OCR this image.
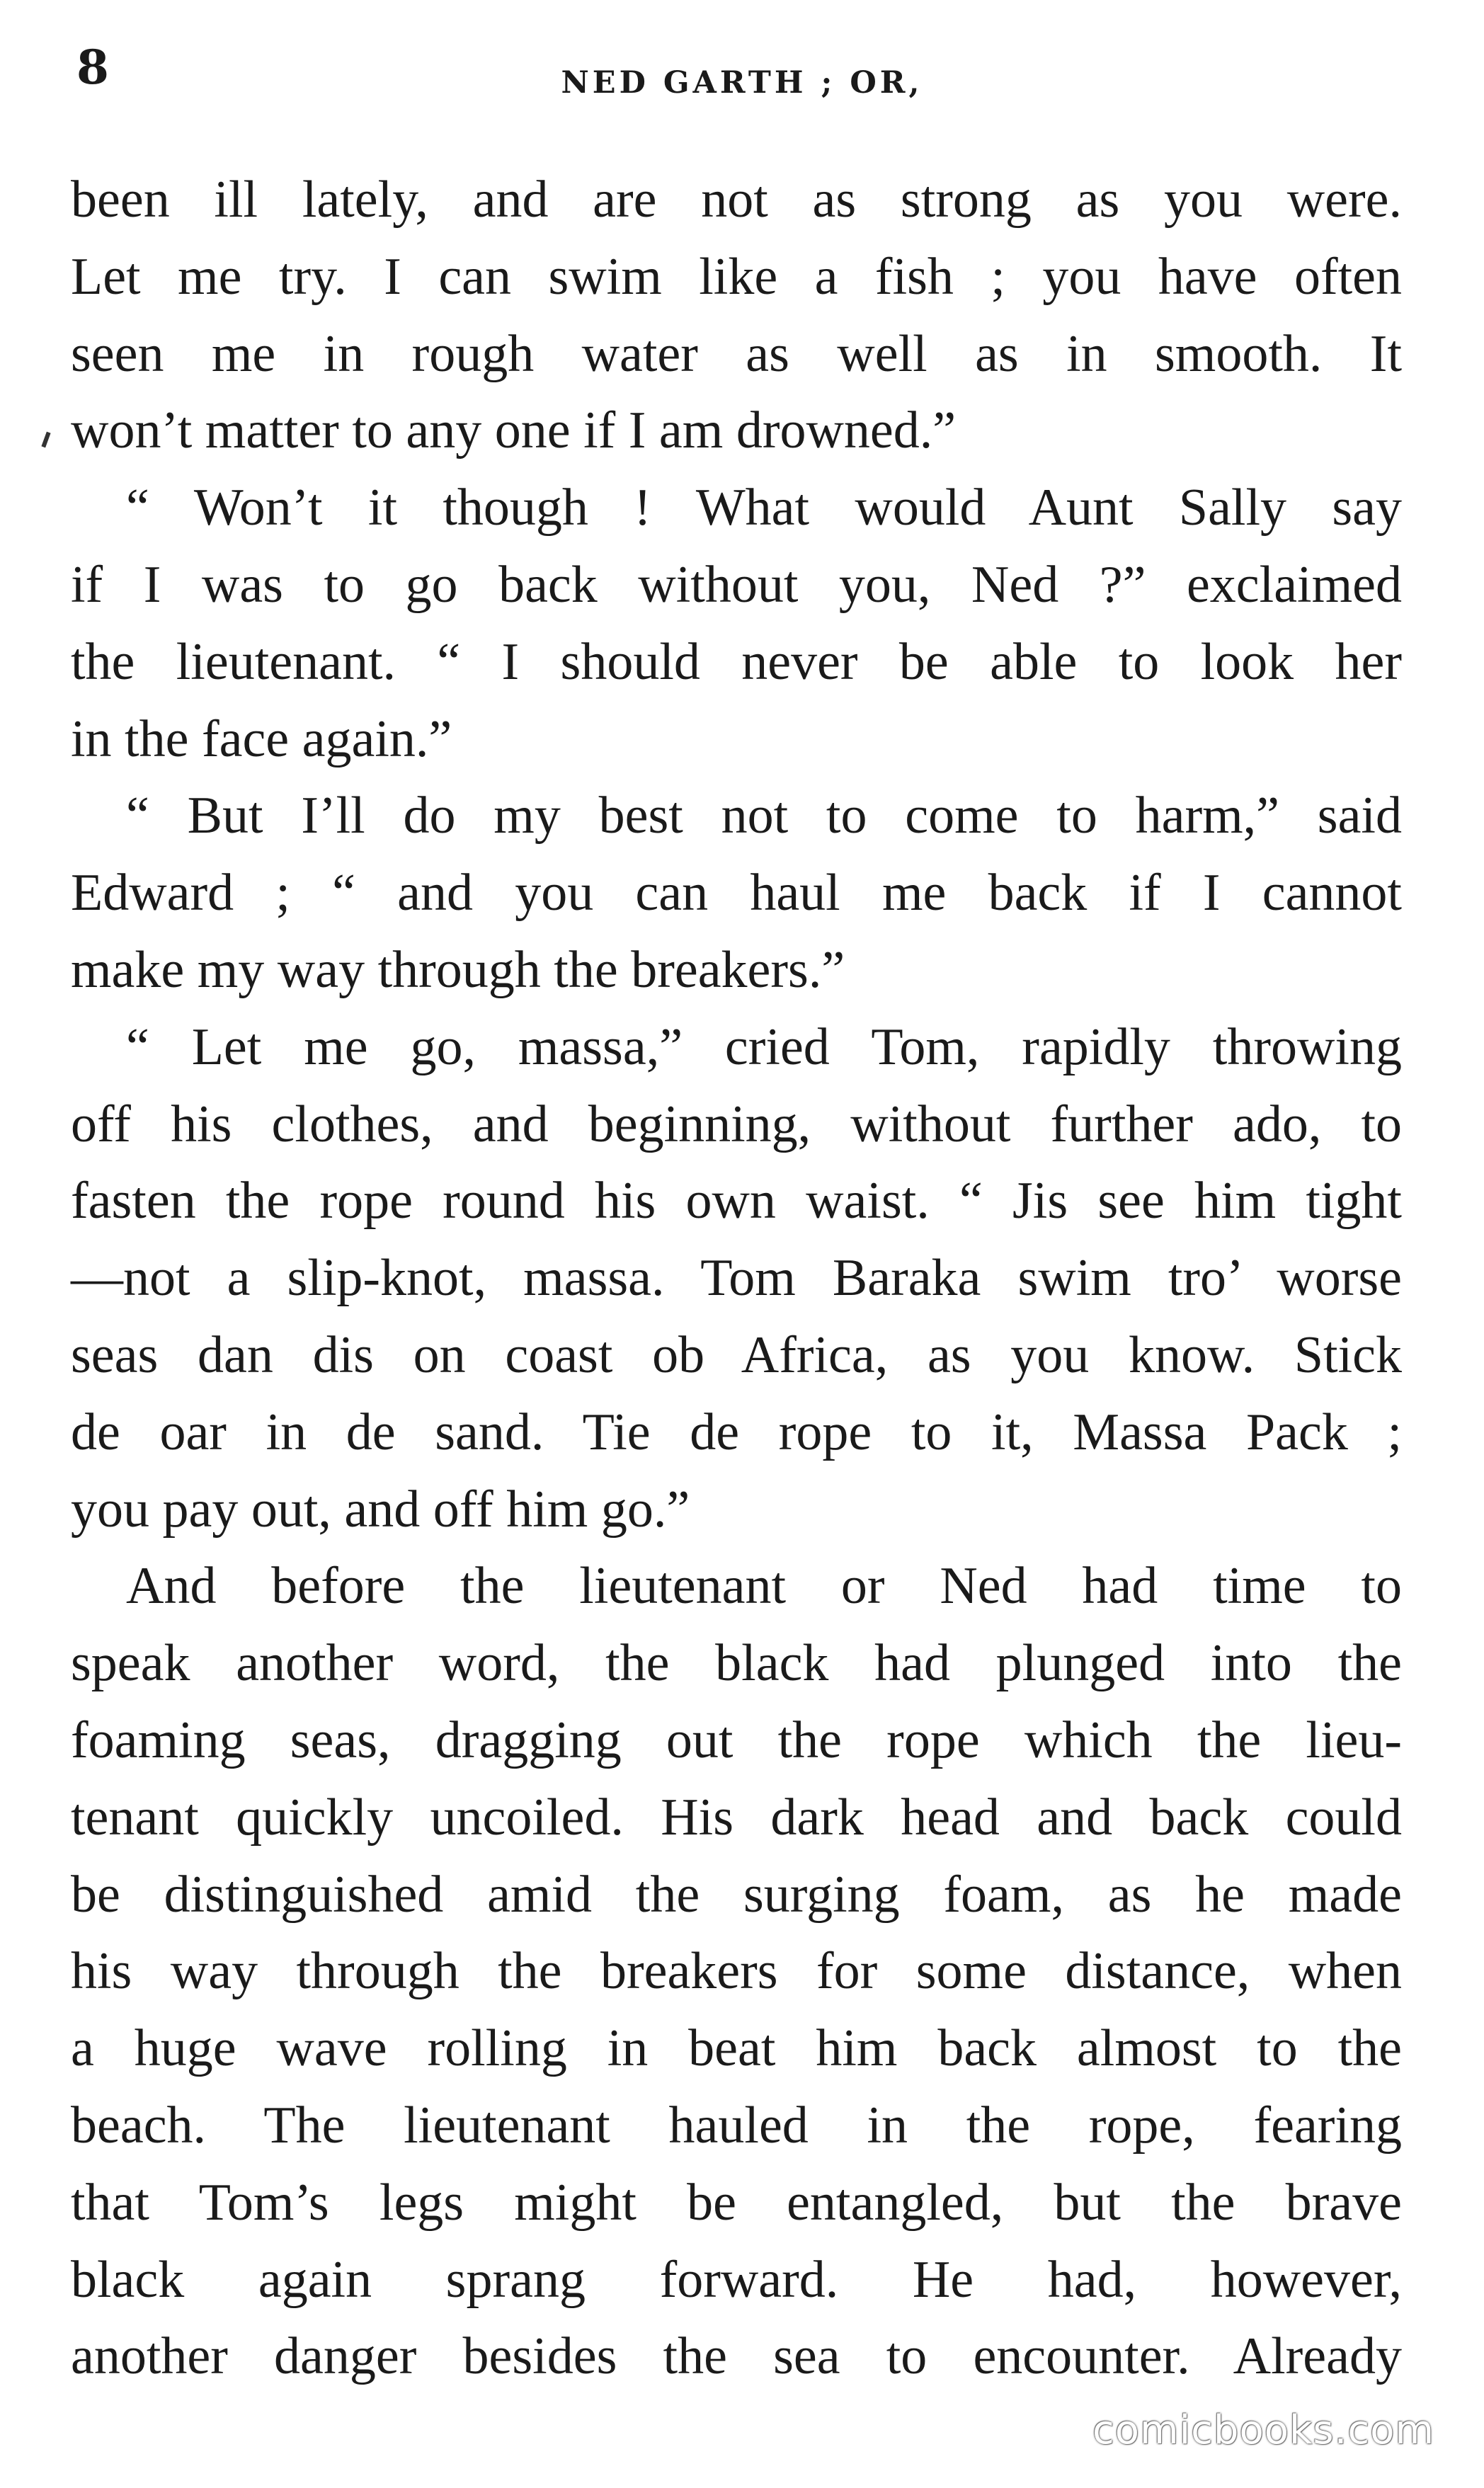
8	NED GARTH ; OR,
been ill lately, and are not as strong as you were.
Let me try. I can swim like a fish ; you have often
seen me in rough water as well as in smooth. It
won’t matter to any one if I am drowned.”
“ Won’t it though ! What would Aunt Sally say
if I was to go back without you, Ned ?” exclaimed
the lieutenant. “ I should never be able to look her
in the face again.”
“ But I’ll do my best not to come to harm,” said
Edward ; “ and you can haul me back if I cannot
make my way through the breakers.”
“ Let me go, massa,” cried Tom, rapidly throwing
off his clothes, and beginning, without further ado, to
fasten the rope round his own waist. “ Jis see him tight
—not a slip-knot, massa. Tom Baraka swim tro’ worse
seas dan dis on coast ob Africa, as you know. Stick
de oar in de sand. Tie de rope to it, Massa Pack ;
you pay out, and off him go.”
And before the lieutenant or Ned had time to
speak another word, the black had plunged into the
foaming seas, dragging out the rope which the lieu-
tenant quickly uncoiled. His dark head and back could
be distinguished amid the surging foam, as he made
his way through the breakers for some distance, when
a huge wave rolling in beat him back almost to the
beach. The lieutenant hauled in the rope, fearing
that Tom’s legs might be entangled, but the brave
black again sprang forward. He had, however,
another danger besides the sea to encounter. Already
comicbooks.com
